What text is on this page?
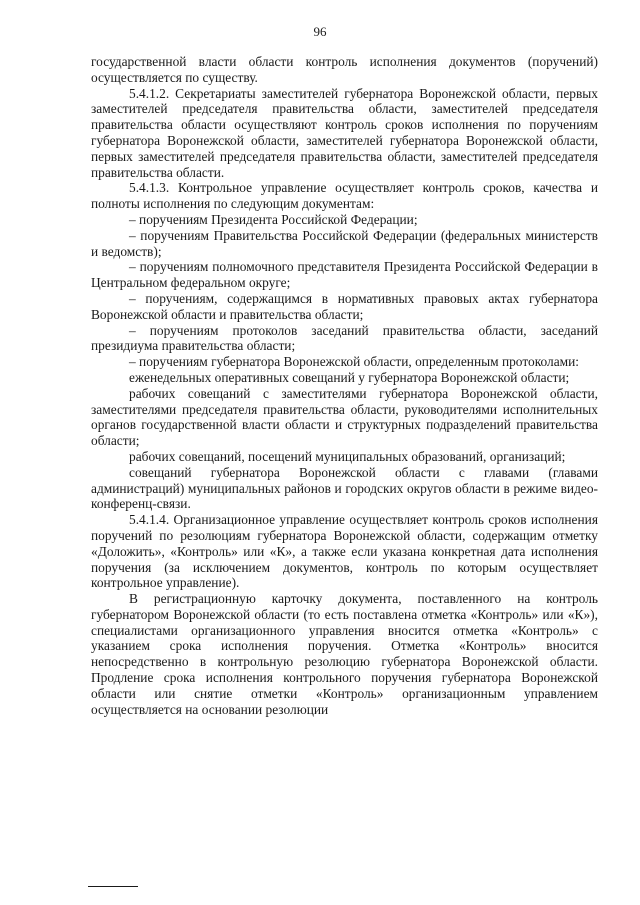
96

государственной власти области контроль исполнения документов (поручений) осуществляется по существу.

5.4.1.2. Секретариаты заместителей губернатора Воронежской области, первых заместителей председателя правительства области, заместителей председателя правительства области осуществляют контроль сроков исполнения по поручениям губернатора Воронежской области, заместителей губернатора Воронежской области, первых заместителей председателя правительства области, заместителей председателя правительства области.

5.4.1.3. Контрольное управление осуществляет контроль сроков, качества и полноты исполнения по следующим документам:

– поручениям Президента Российской Федерации;

– поручениям Правительства Российской Федерации (федеральных министерств и ведомств);

– поручениям полномочного представителя Президента Российской Федерации в Центральном федеральном округе;

– поручениям, содержащимся в нормативных правовых актах губернатора Воронежской области и правительства области;

– поручениям протоколов заседаний правительства области, заседаний президиума правительства области;

– поручениям губернатора Воронежской области, определенным протоколами:

еженедельных оперативных совещаний у губернатора Воронежской области;

рабочих совещаний с заместителями губернатора Воронежской области, заместителями председателя правительства области, руководителями исполнительных органов государственной власти области и структурных подразделений правительства области;

рабочих совещаний, посещений муниципальных образований, организаций;

совещаний губернатора Воронежской области с главами (главами администраций) муниципальных районов и городских округов области в режиме видео-конференц-связи.

5.4.1.4. Организационное управление осуществляет контроль сроков исполнения поручений по резолюциям губернатора Воронежской области, содержащим отметку «Доложить», «Контроль» или «К», а также если указана конкретная дата исполнения поручения (за исключением документов, контроль по которым осуществляет контрольное управление).

В регистрационную карточку документа, поставленного на контроль губернатором Воронежской области (то есть поставлена отметка «Контроль» или «К»), специалистами организационного управления вносится отметка «Контроль» с указанием срока исполнения поручения. Отметка «Контроль» вносится непосредственно в контрольную резолюцию губернатора Воронежской области. Продление срока исполнения контрольного поручения губернатора Воронежской области или снятие отметки «Контроль» организационным управлением осуществляется на основании резолюции
